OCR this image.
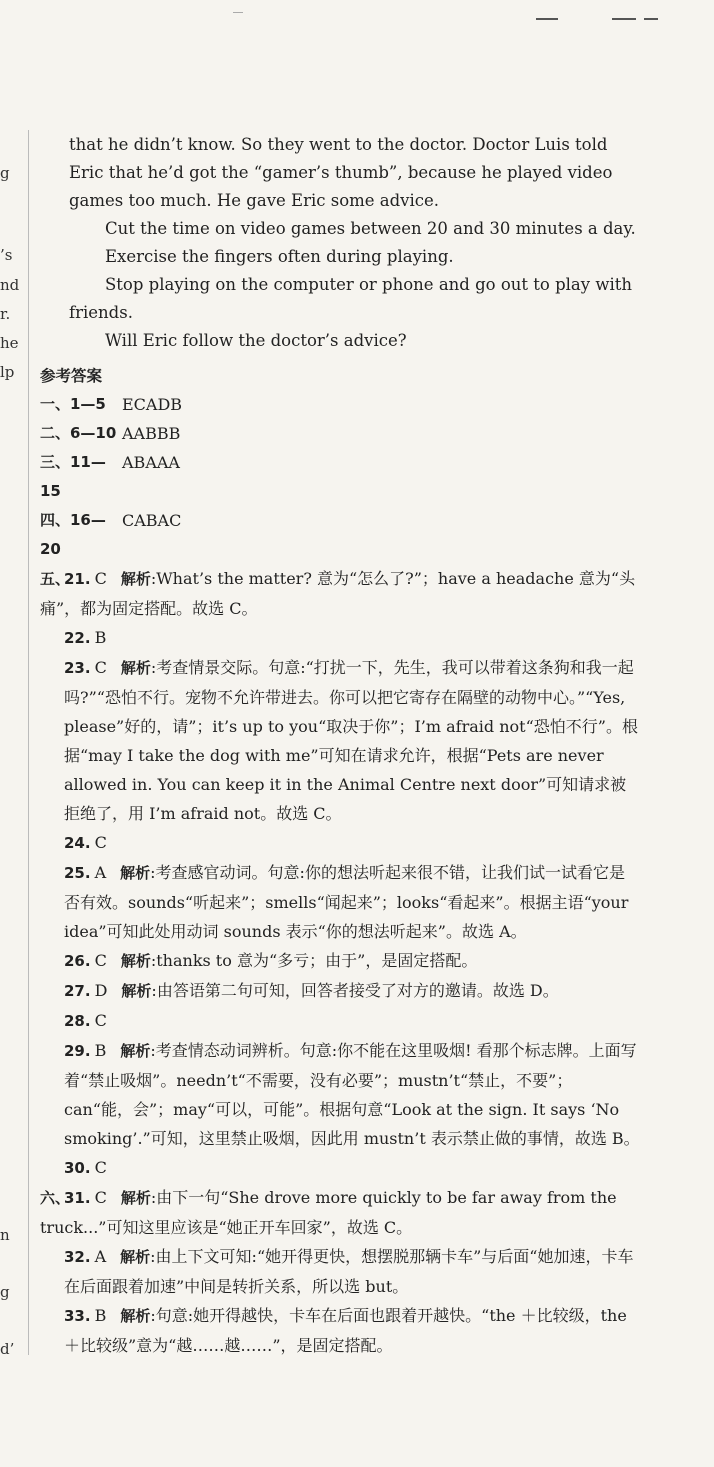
g
’s
nd
r.
he
lp
n
g
d’

that he didn’t know. So they went to the doctor. Doctor Luis told Eric that he’d got the “gamer’s thumb”, because he played video games too much. He gave Eric some advice.

Cut the time on video games between 20 and 30 minutes a day.

Exercise the fingers often during playing.

Stop playing on the computer or phone and go out to play with friends.

Will Eric follow the doctor’s advice?

参考答案

一、1—5	ECADB
二、6—10 AABBB
三、11—15
ABAAA
四、16—20
CABAC

五、21. C 解析:What’s the matter? 意为“怎么了?”；have a headache 意为“头痛”，都为固定搭配。故选 C。

22. B

23. C 解析:考查情景交际。句意:“打扰一下，先生，我可以带着这条狗和我一起吗?”“恐怕不行。宠物不允许带进去。你可以把它寄存在隔壁的动物中心。”“Yes, please”好的，请”；it’s up to you“取决于你”；I’m afraid not“恐怕不行”。根据“may I take the dog with me”可知在请求允许，根据“Pets are never allowed in. You can keep it in the Animal Centre next door”可知请求被拒绝了，用 I’m afraid not。故选 C。

24. C

25. A 解析:考查感官动词。句意:你的想法听起来很不错，让我们试一试看它是否有效。sounds“听起来”；smells“闻起来”；looks“看起来”。根据主语“your idea”可知此处用动词 sounds 表示“你的想法听起来”。故选 A。

26. C 解析:thanks to 意为“多亏；由于”，是固定搭配。

27. D 解析:由答语第二句可知，回答者接受了对方的邀请。故选 D。

28. C

29. B 解析:考查情态动词辨析。句意:你不能在这里吸烟! 看那个标志牌。上面写着“禁止吸烟”。needn’t“不需要，没有必要”；mustn’t“禁止，不要”；can“能，会”；may“可以，可能”。根据句意“Look at the sign. It says ‘No smoking’.”可知，这里禁止吸烟，因此用 mustn’t 表示禁止做的事情，故选 B。

30. C

六、31. C 解析:由下一句“She drove more quickly to be far away from the truck...”可知这里应该是“她正开车回家”，故选 C。

32. A 解析:由上下文可知:“她开得更快，想摆脱那辆卡车”与后面“她加速，卡车在后面跟着加速”中间是转折关系，所以选 but。

33. B 解析:句意:她开得越快，卡车在后面也跟着开越快。“the ＋比较级，the ＋比较级”意为“越……越……”，是固定搭配。
